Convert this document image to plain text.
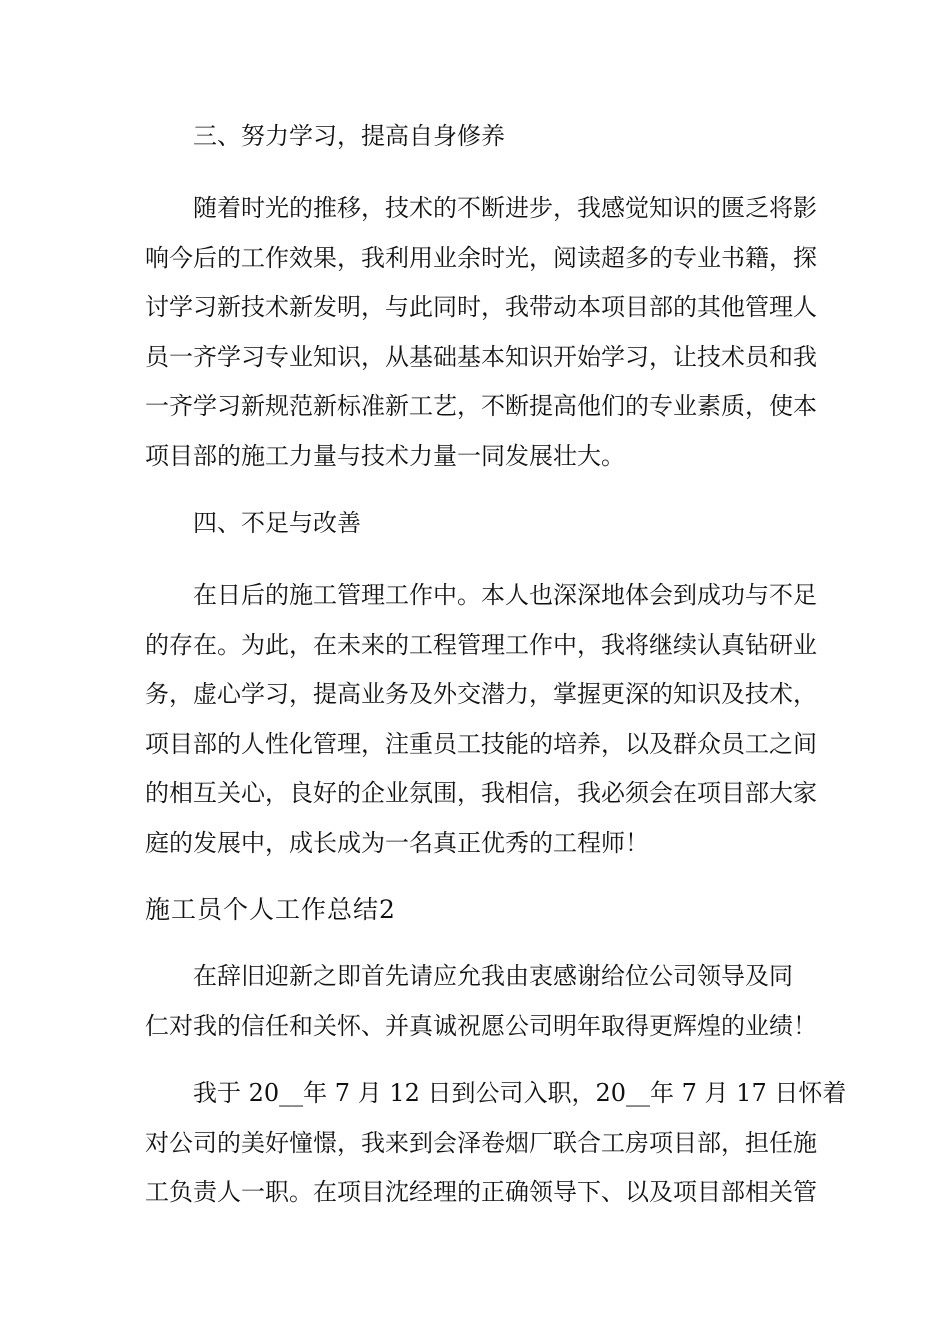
三、努力学习，提高自身修养
随着时光的推移，技术的不断进步，我感觉知识的匮乏将影
响今后的工作效果，我利用业余时光，阅读超多的专业书籍，探
讨学习新技术新发明，与此同时，我带动本项目部的其他管理人
员一齐学习专业知识，从基础基本知识开始学习，让技术员和我
一齐学习新规范新标准新工艺，不断提高他们的专业素质，使本
项目部的施工力量与技术力量一同发展壮大。
四、不足与改善
在日后的施工管理工作中。本人也深深地体会到成功与不足
的存在。为此，在未来的工程管理工作中，我将继续认真钻研业
务，虚心学习，提高业务及外交潜力，掌握更深的知识及技术，
项目部的人性化管理，注重员工技能的培养，以及群众员工之间
的相互关心，良好的企业氛围，我相信，我必须会在项目部大家
庭的发展中，成长成为一名真正优秀的工程师！
施工员个人工作总结2
在辞旧迎新之即首先请应允我由衷感谢给位公司领导及同
仁对我的信任和关怀、并真诚祝愿公司明年取得更辉煌的业绩！
我于 20__年 7 月 12 日到公司入职，20__年 7 月 17 日怀着
对公司的美好憧憬，我来到会泽卷烟厂联合工房项目部，担任施
工负责人一职。在项目沈经理的正确领导下、以及项目部相关管
